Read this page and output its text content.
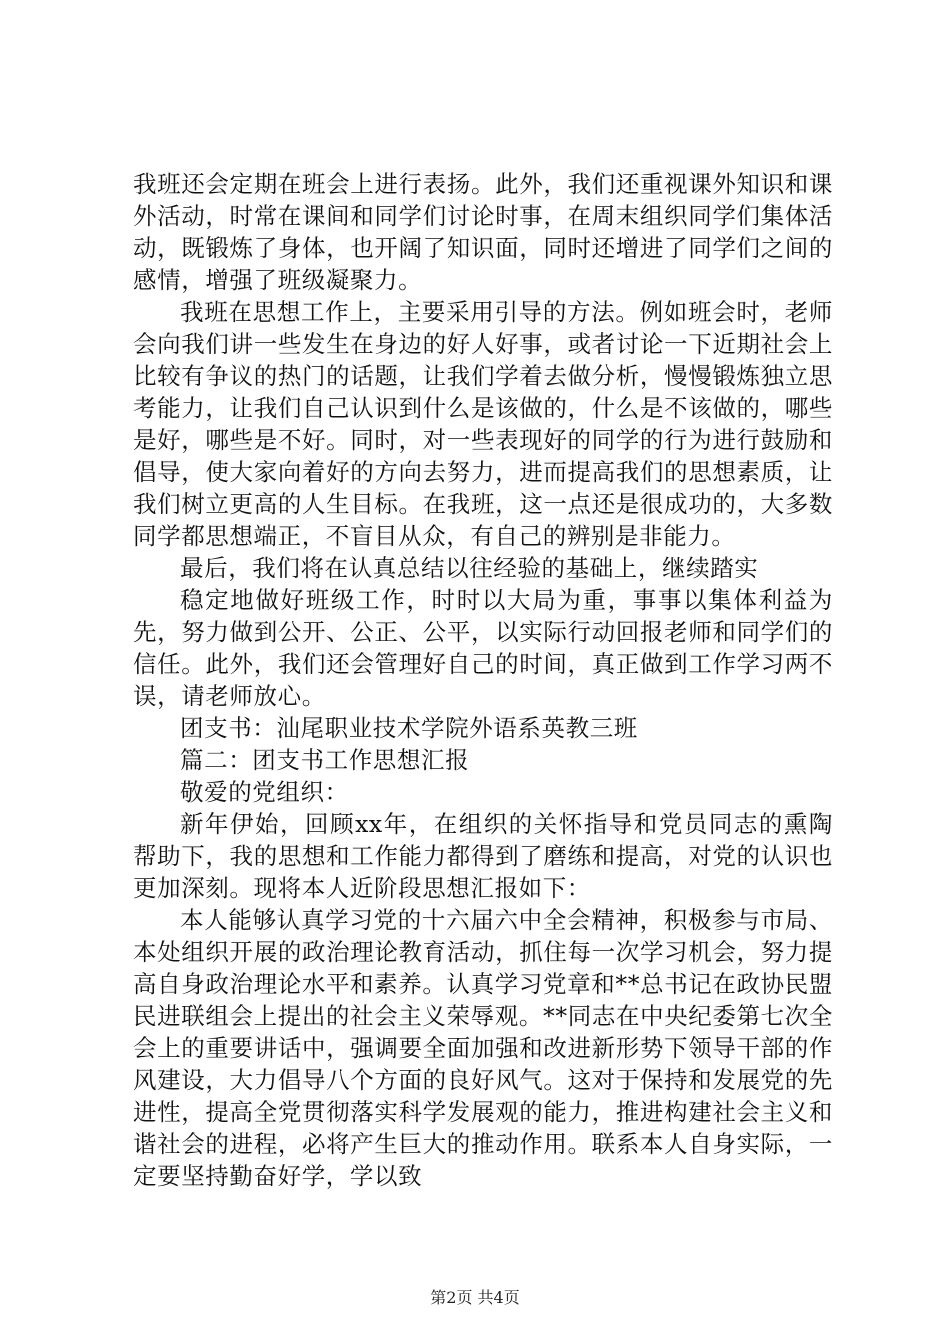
我班还会定期在班会上进行表扬。此外，我们还重视课外知识和课外活动，时常在课间和同学们讨论时事，在周末组织同学们集体活动，既锻炼了身体，也开阔了知识面，同时还增进了同学们之间的感情，增强了班级凝聚力。

我班在思想工作上，主要采用引导的方法。例如班会时，老师会向我们讲一些发生在身边的好人好事，或者讨论一下近期社会上比较有争议的热门的话题，让我们学着去做分析，慢慢锻炼独立思考能力，让我们自己认识到什么是该做的，什么是不该做的，哪些是好，哪些是不好。同时，对一些表现好的同学的行为进行鼓励和倡导，使大家向着好的方向去努力，进而提高我们的思想素质，让我们树立更高的人生目标。在我班，这一点还是很成功的，大多数同学都思想端正，不盲目从众，有自己的辨别是非能力。

最后，我们将在认真总结以往经验的基础上，继续踏实

稳定地做好班级工作，时时以大局为重，事事以集体利益为先，努力做到公开、公正、公平，以实际行动回报老师和同学们的信任。此外，我们还会管理好自己的时间，真正做到工作学习两不误，请老师放心。

团支书：汕尾职业技术学院外语系英教三班

篇二：团支书工作思想汇报

敬爱的党组织：

新年伊始，回顾xx年，在组织的关怀指导和党员同志的熏陶帮助下，我的思想和工作能力都得到了磨练和提高，对党的认识也更加深刻。现将本人近阶段思想汇报如下：

本人能够认真学习党的十六届六中全会精神，积极参与市局、本处组织开展的政治理论教育活动，抓住每一次学习机会，努力提高自身政治理论水平和素养。认真学习党章和**总书记在政协民盟民进联组会上提出的社会主义荣辱观。**同志在中央纪委第七次全会上的重要讲话中，强调要全面加强和改进新形势下领导干部的作风建设，大力倡导八个方面的良好风气。这对于保持和发展党的先进性，提高全党贯彻落实科学发展观的能力，推进构建社会主义和谐社会的进程，必将产生巨大的推动作用。联系本人自身实际，一定要坚持勤奋好学，学以致

第2页 共4页
